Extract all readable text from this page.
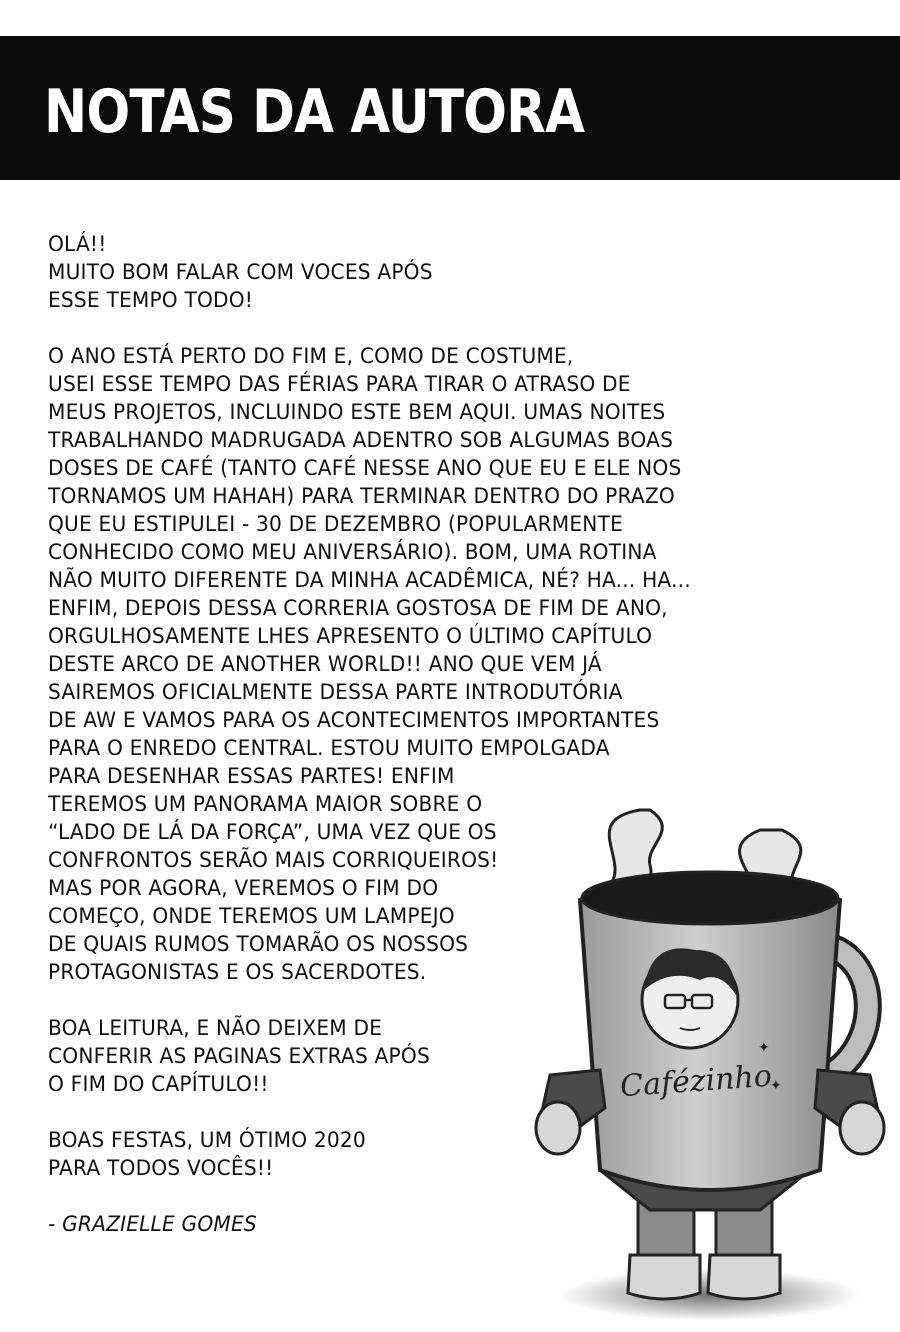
NOTAS DA AUTORA
OLÁ!!
MUITO BOM FALAR COM VOCES APÓS
ESSE TEMPO TODO!
O ANO ESTÁ PERTO DO FIM E, COMO DE COSTUME,
USEI ESSE TEMPO DAS FÉRIAS PARA TIRAR O ATRASO DE
MEUS PROJETOS, INCLUINDO ESTE BEM AQUI. UMAS NOITES
TRABALHANDO MADRUGADA ADENTRO SOB ALGUMAS BOAS
DOSES DE CAFÉ (TANTO CAFÉ NESSE ANO QUE EU E ELE NOS
TORNAMOS UM HAHAH) PARA TERMINAR DENTRO DO PRAZO
QUE EU ESTIPULEI - 30 DE DEZEMBRO (POPULARMENTE
CONHECIDO COMO MEU ANIVERSÁRIO). BOM, UMA ROTINA
NÃO MUITO DIFERENTE DA MINHA ACADÊMICA, NÉ? HA... HA...
ENFIM, DEPOIS DESSA CORRERIA GOSTOSA DE FIM DE ANO,
ORGULHOSAMENTE LHES APRESENTO O ÚLTIMO CAPÍTULO
DESTE ARCO DE ANOTHER WORLD!! ANO QUE VEM JÁ
SAIREMOS OFICIALMENTE DESSA PARTE INTRODUTÓRIA
DE AW E VAMOS PARA OS ACONTECIMENTOS IMPORTANTES
PARA O ENREDO CENTRAL. ESTOU MUITO EMPOLGADA
PARA DESENHAR ESSAS PARTES! ENFIM
TEREMOS UM PANORAMA MAIOR SOBRE O
“LADO DE LÁ DA FORÇA”, UMA VEZ QUE OS
CONFRONTOS SERÃO MAIS CORRIQUEIROS!
MAS POR AGORA, VEREMOS O FIM DO
COMEÇO, ONDE TEREMOS UM LAMPEJO
DE QUAIS RUMOS TOMARÃO OS NOSSOS
PROTAGONISTAS E OS SACERDOTES.
BOA LEITURA, E NÃO DEIXEM DE
CONFERIR AS PAGINAS EXTRAS APÓS
O FIM DO CAPÍTULO!!
BOAS FESTAS, UM ÓTIMO 2020
PARA TODOS VOCÊS!!
- GRAZIELLE GOMES
Cafézinho
✦
✦
